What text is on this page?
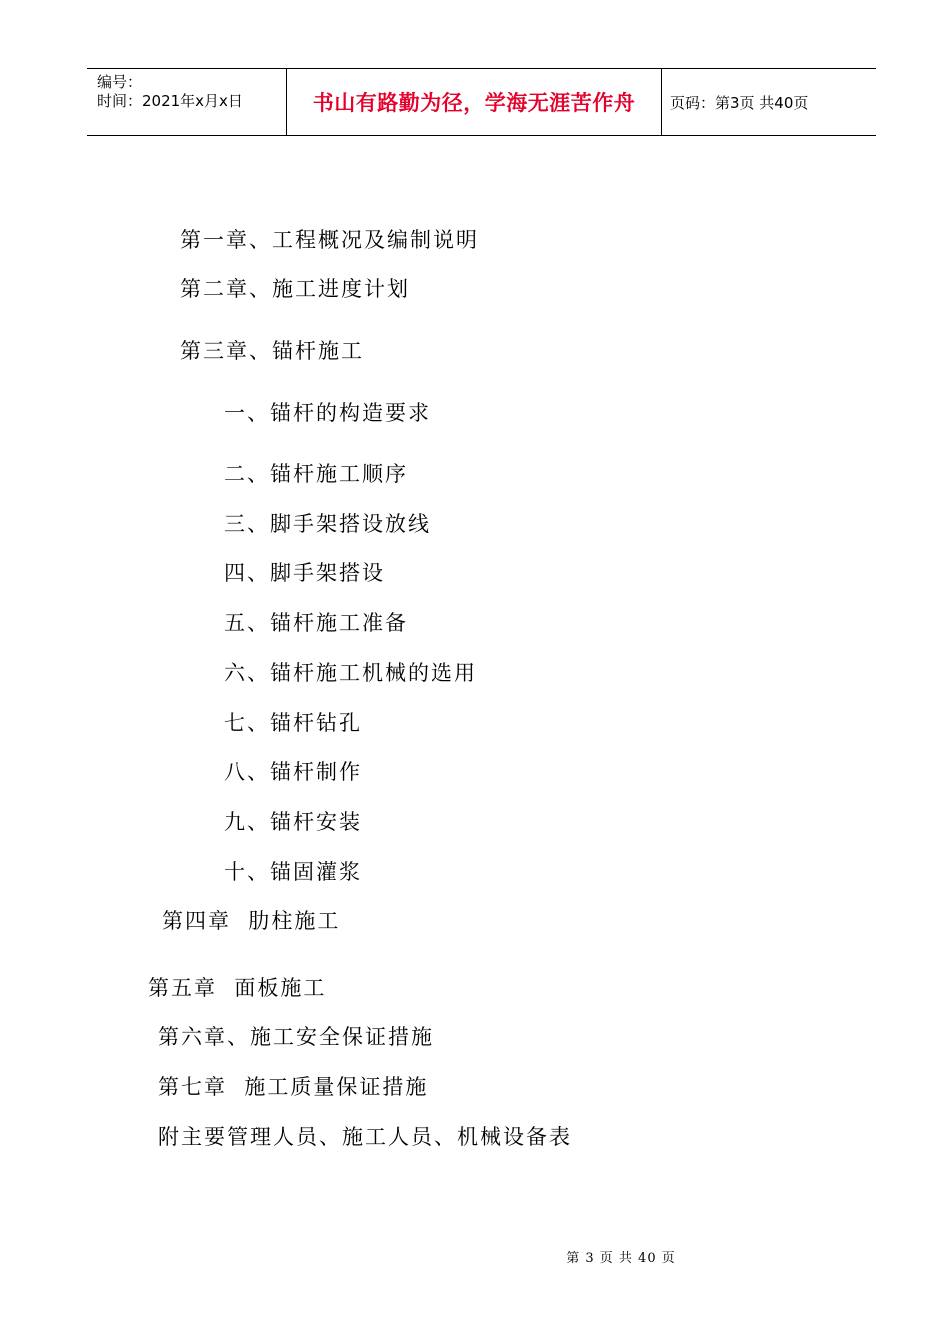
编号：
时间：2021年x月x日	书山有路勤为径，学海无涯苦作舟 页码：第3页 共40页
第一章、工程概况及编制说明
第二章、施工进度计划
第三章、锚杆施工
一、锚杆的构造要求
二、锚杆施工顺序
三、脚手架搭设放线
四、脚手架搭设
五、锚杆施工准备
六、锚杆施工机械的选用
七、锚杆钻孔
八、锚杆制作
九、锚杆安装
十、锚固灌浆
第四章  肋柱施工
第五章  面板施工
第六章、施工安全保证措施
第七章  施工质量保证措施
附主要管理人员、施工人员、机械设备表
第 3 页 共 40 页
